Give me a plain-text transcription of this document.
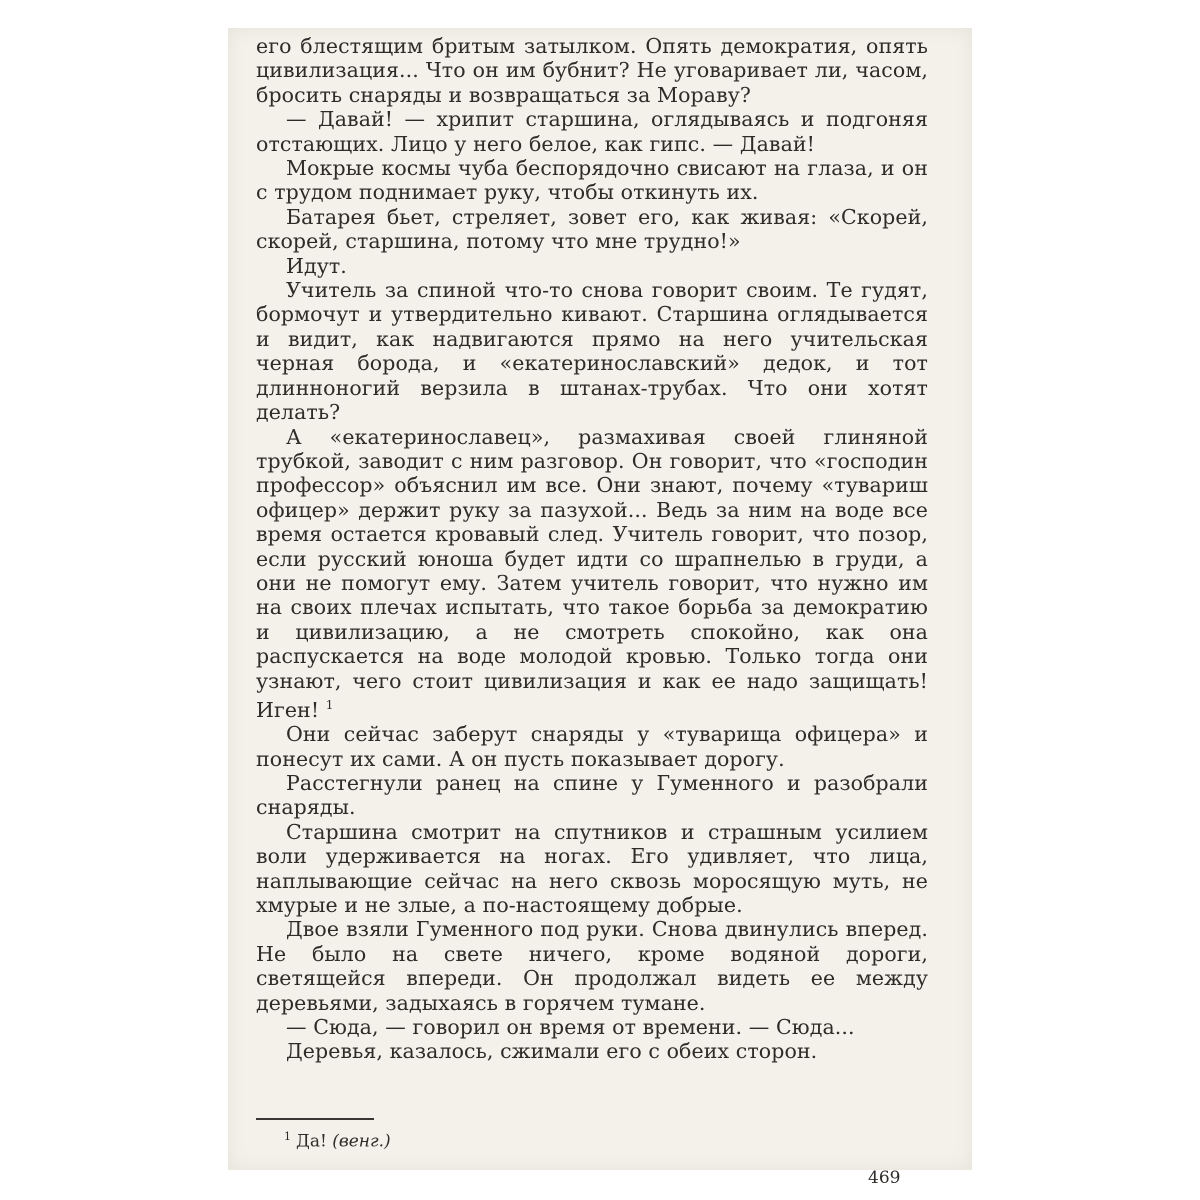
его блестящим бритым затылком. Опять демократия, опять цивилизация... Что он им бубнит? Не уговаривает ли, часом, бросить снаряды и возвращаться за Мораву?

— Давай! — хрипит старшина, оглядываясь и подгоняя отстающих. Лицо у него белое, как гипс. — Давай!

Мокрые космы чуба беспорядочно свисают на глаза, и он с трудом поднимает руку, чтобы откинуть их.

Батарея бьет, стреляет, зовет его, как живая: «Скорей, скорей, старшина, потому что мне трудно!»

Идут.

Учитель за спиной что-то снова говорит своим. Те гудят, бормочут и утвердительно кивают. Старшина оглядывается и видит, как надвигаются прямо на него учительская черная борода, и «екатеринославский» дедок, и тот длинноногий верзила в штанах-трубах. Что они хотят делать?

А «екатеринославец», размахивая своей глиняной трубкой, заводит с ним разговор. Он говорит, что «господин профессор» объяснил им все. Они знают, почему «тувариш офицер» держит руку за пазухой... Ведь за ним на воде все время остается кровавый след. Учитель говорит, что позор, если русский юноша будет идти со шрапнелью в груди, а они не помогут ему. Затем учитель говорит, что нужно им на своих плечах испытать, что такое борьба за демократию и цивилизацию, а не смотреть спокойно, как она распускается на воде молодой кровью. Только тогда они узнают, чего стоит цивилизация и как ее надо защищать! Иген! $^1$

Они сейчас заберут снаряды у «туварища офицера» и понесут их сами. А он пусть показывает дорогу.

Расстегнули ранец на спине у Гуменного и разобрали снаряды.

Старшина смотрит на спутников и страшным усилием воли удерживается на ногах. Его удивляет, что лица, наплывающие сейчас на него сквозь моросящую муть, не хмурые и не злые, а по-настоящему добрые.

Двое взяли Гуменного под руки. Снова двинулись вперед. Не было на свете ничего, кроме водяной дороги, светящейся впереди. Он продолжал видеть ее между деревьями, задыхаясь в горячем тумане.

— Сюда, — говорил он время от времени. — Сюда...

Деревья, казалось, сжимали его с обеих сторон.

$^1$ Да! (венг.)
469
